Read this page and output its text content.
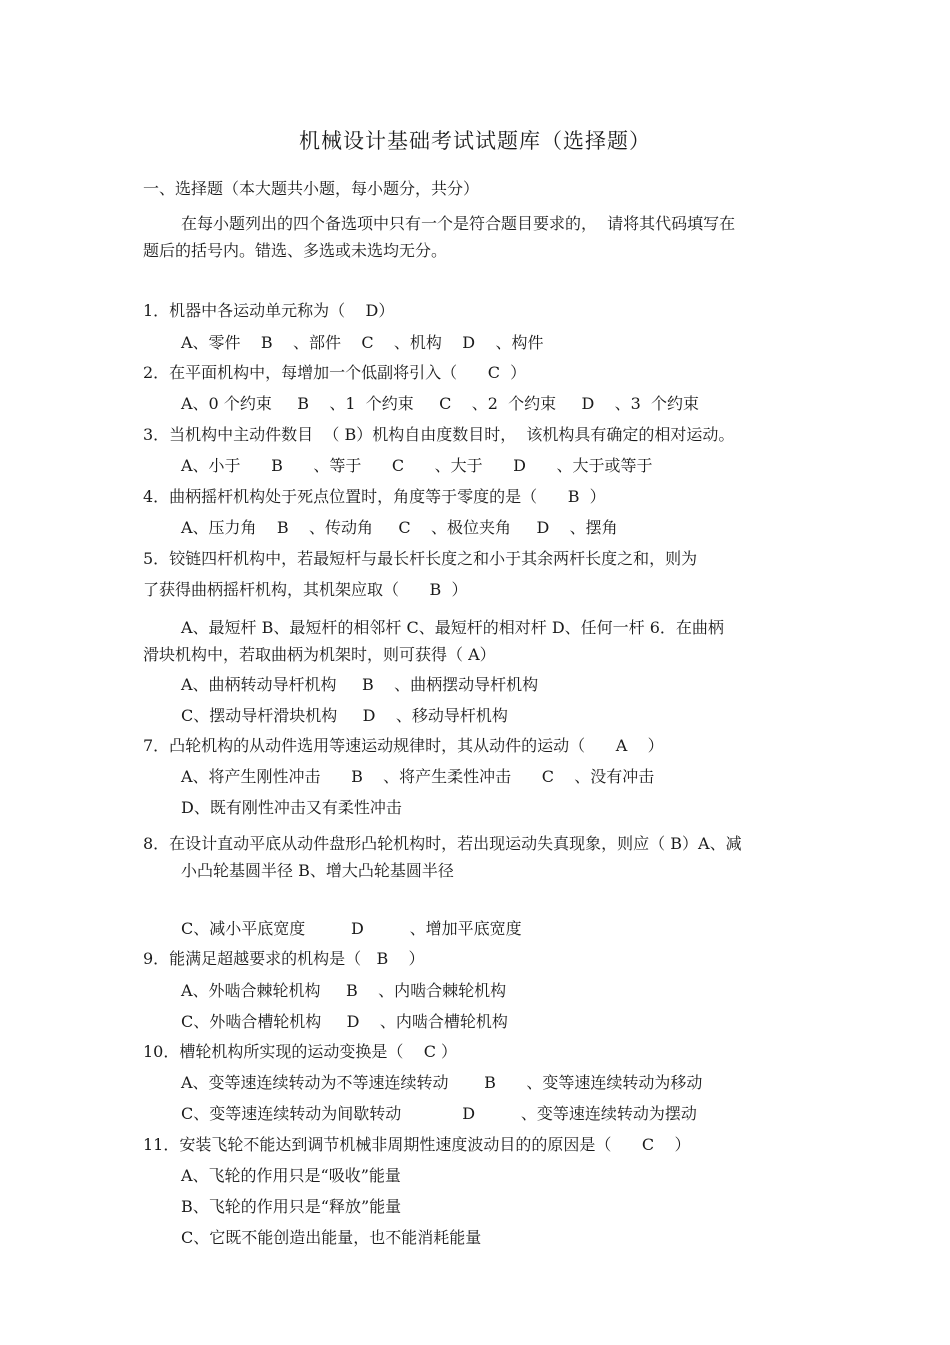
机械设计基础考试试题库（选择题）
一、选择题（本大题共小题，每小题分，共分）
在每小题列出的四个备选项中只有一个是符合题目要求的，  请将其代码填写在
题后的括号内。错选、多选或未选均无分。
1．机器中各运动单元称为（    D）
A、零件    B    、部件    C    、机构    D    、构件
2．在平面机构中，每增加一个低副将引入（      C  ）
A、0 个约束     B    、1  个约束     C    、2  个约束     D    、3  个约束
3．当机构中主动件数目  （ B）机构自由度数目时，  该机构具有确定的相对运动。
A、小于      B      、等于      C      、大于      D      、大于或等于
4．曲柄摇杆机构处于死点位置时，角度等于零度的是（      B  ）
A、压力角    B    、传动角     C    、极位夹角     D    、摆角
5．铰链四杆机构中，若最短杆与最长杆长度之和小于其余两杆长度之和，则为
了获得曲柄摇杆机构，其机架应取（      B  ）
A、最短杆 B、最短杆的相邻杆 C、最短杆的相对杆 D、任何一杆 6．在曲柄
滑块机构中，若取曲柄为机架时，则可获得（ A）
A、曲柄转动导杆机构     B    、曲柄摆动导杆机构
C、摆动导杆滑块机构     D    、移动导杆机构
7．凸轮机构的从动件选用等速运动规律时，其从动件的运动（      A    ）
A、将产生刚性冲击      B    、将产生柔性冲击      C    、没有冲击
D、既有刚性冲击又有柔性冲击
8．在设计直动平底从动件盘形凸轮机构时，若出现运动失真现象，则应（ B）A、减
小凸轮基圆半径 B、增大凸轮基圆半径
C、减小平底宽度         D         、增加平底宽度
9．能满足超越要求的机构是（   B    ）
A、外啮合棘轮机构     B    、内啮合棘轮机构
C、外啮合槽轮机构     D    、内啮合槽轮机构
10．槽轮机构所实现的运动变换是（    C ）
A、变等速连续转动为不等速连续转动       B      、变等速连续转动为移动
C、变等速连续转动为间歇转动            D         、变等速连续转动为摆动
11．安装飞轮不能达到调节机械非周期性速度波动目的的原因是（      C    ）
A、飞轮的作用只是“吸收”能量
B、飞轮的作用只是“释放”能量
C、它既不能创造出能量，也不能消耗能量
